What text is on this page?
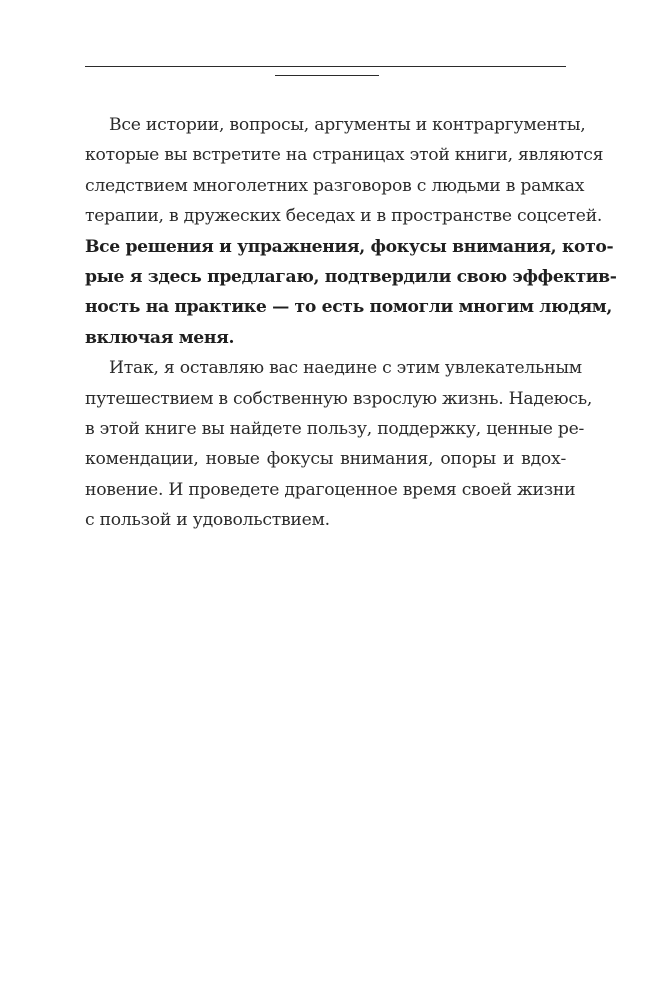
Все истории, вопросы, аргументы и контраргументы,
которые вы встретите на страницах этой книги, являются
следствием многолетних разговоров с людьми в рамках
терапии, в дружеских беседах и в пространстве соцсетей.
Все решения и упражнения, фокусы внимания, кото-
рые я здесь предлагаю, подтвердили свою эффектив-
ность на практике — то есть помогли многим людям,
включая меня.
Итак, я оставляю вас наедине с этим увлекательным
путешествием в собственную взрослую жизнь. Надеюсь,
в этой книге вы найдете пользу, поддержку, ценные ре-
комендации, новые фокусы внимания, опоры и вдох-
новение. И проведете драгоценное время своей жизни
с пользой и удовольствием.
